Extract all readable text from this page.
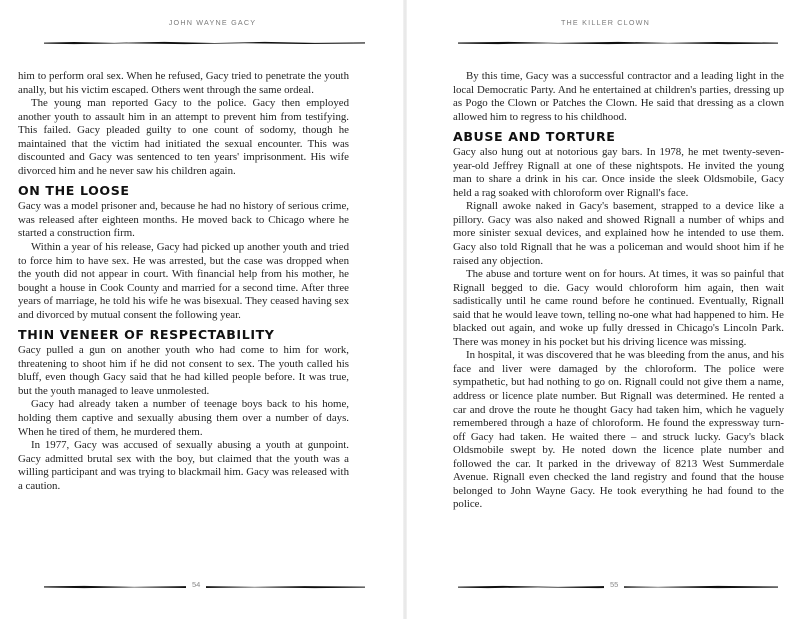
JOHN WAYNE GACY

him to perform oral sex. When he refused, Gacy tried to penetrate the youth anally, but his victim escaped. Others went through the same ordeal.

The young man reported Gacy to the police. Gacy then employed another youth to assault him in an attempt to prevent him from testifying. This failed. Gacy pleaded guilty to one count of sodomy, though he maintained that the victim had initiated the sexual encounter. This was discounted and Gacy was sentenced to ten years' imprisonment. His wife divorced him and he never saw his children again.

ON THE LOOSE

Gacy was a model prisoner and, because he had no history of serious crime, was released after eighteen months. He moved back to Chicago where he started a construction firm.

Within a year of his release, Gacy had picked up another youth and tried to force him to have sex. He was arrested, but the case was dropped when the youth did not appear in court. With financial help from his mother, he bought a house in Cook County and married for a second time. After three years of marriage, he told his wife he was bisexual. They ceased having sex and divorced by mutual consent the following year.

THIN VENEER OF RESPECTABILITY

Gacy pulled a gun on another youth who had come to him for work, threatening to shoot him if he did not consent to sex. The youth called his bluff, even though Gacy said that he had killed people before. It was true, but the youth managed to leave unmolested.

Gacy had already taken a number of teenage boys back to his home, holding them captive and sexually abusing them over a number of days. When he tired of them, he murdered them.

In 1977, Gacy was accused of sexually abusing a youth at gunpoint. Gacy admitted brutal sex with the boy, but claimed that the youth was a willing participant and was trying to blackmail him. Gacy was released with a caution.

54
THE KILLER CLOWN

By this time, Gacy was a successful contractor and a leading light in the local Democratic Party. And he entertained at children's parties, dressing up as Pogo the Clown or Patches the Clown. He said that dressing as a clown allowed him to regress to his childhood.

ABUSE AND TORTURE

Gacy also hung out at notorious gay bars. In 1978, he met twenty-seven-year-old Jeffrey Rignall at one of these nightspots. He invited the young man to share a drink in his car. Once inside the sleek Oldsmobile, Gacy held a rag soaked with chloroform over Rignall's face.

Rignall awoke naked in Gacy's basement, strapped to a device like a pillory. Gacy was also naked and showed Rignall a number of whips and more sinister sexual devices, and explained how he intended to use them. Gacy also told Rignall that he was a policeman and would shoot him if he raised any objection.

The abuse and torture went on for hours. At times, it was so painful that Rignall begged to die. Gacy would chloroform him again, then wait sadistically until he came round before he continued. Eventually, Rignall said that he would leave town, telling no-one what had happened to him. He blacked out again, and woke up fully dressed in Chicago's Lincoln Park. There was money in his pocket but his driving licence was missing.

In hospital, it was discovered that he was bleeding from the anus, and his face and liver were damaged by the chloroform. The police were sympathetic, but had nothing to go on. Rignall could not give them a name, address or licence plate number. But Rignall was determined. He rented a car and drove the route he thought Gacy had taken him, which he vaguely remembered through a haze of chloroform. He found the expressway turn-off Gacy had taken. He waited there – and struck lucky. Gacy's black Oldsmobile swept by. He noted down the licence plate number and followed the car. It parked in the driveway of 8213 West Summerdale Avenue. Rignall even checked the land registry and found that the house belonged to John Wayne Gacy. He took everything he had found to the police.

55
